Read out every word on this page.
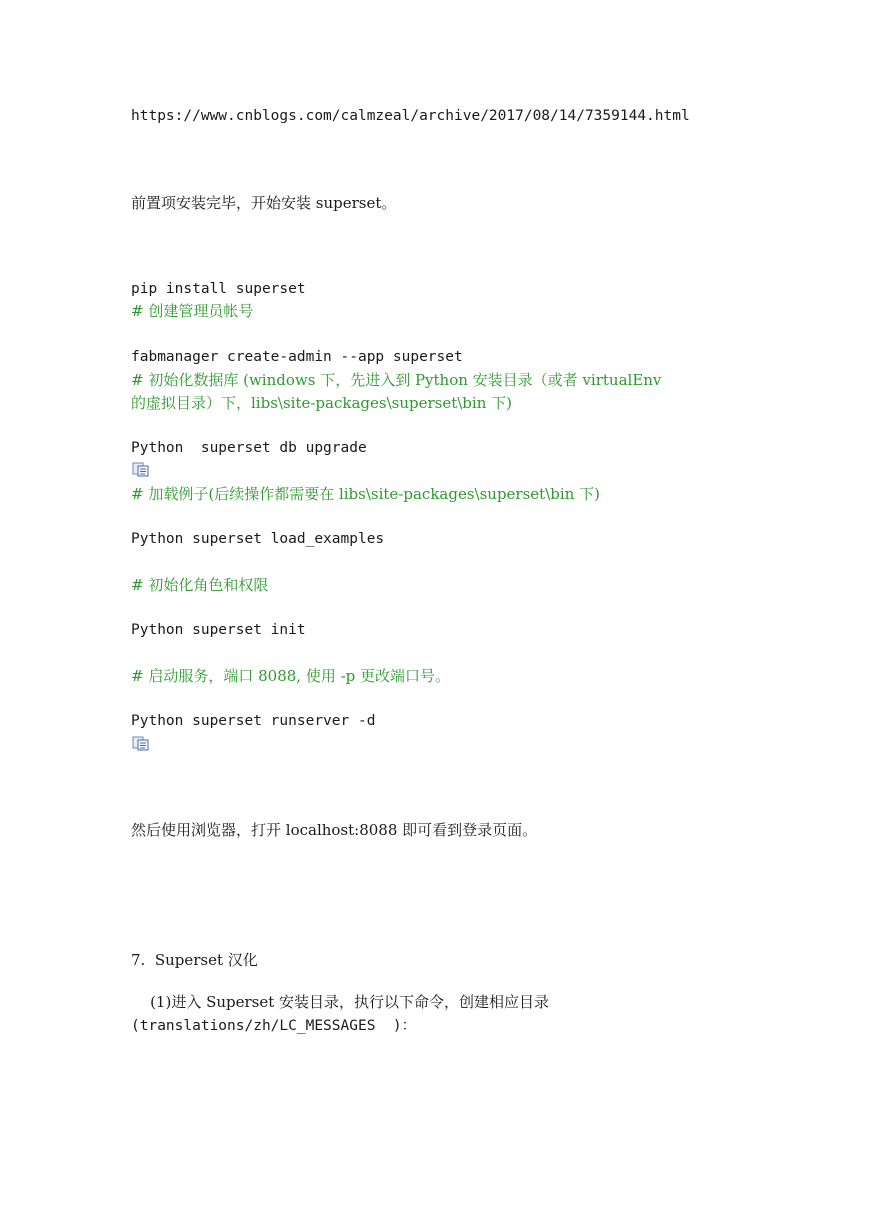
https://www.cnblogs.com/calmzeal/archive/2017/08/14/7359144.html
前置项安装完毕，开始安装 superset。
pip install superset
# 创建管理员帐号
fabmanager create-admin --app superset
# 初始化数据库 (windows 下，先进入到 Python 安装目录（或者 virtualEnv
的虚拟目录）下，libs\site-packages\superset\bin 下)
Python  superset db upgrade
# 加载例子(后续操作都需要在 libs\site-packages\superset\bin 下)
Python superset load_examples
# 初始化角色和权限
Python superset init
# 启动服务，端口 8088, 使用 -p 更改端口号。
Python superset runserver -d
然后使用浏览器，打开 localhost:8088 即可看到登录页面。
7.  Superset 汉化
(1)进入 Superset 安装目录，执行以下命令，创建相应目录
(translations/zh/LC_MESSAGES  )：
